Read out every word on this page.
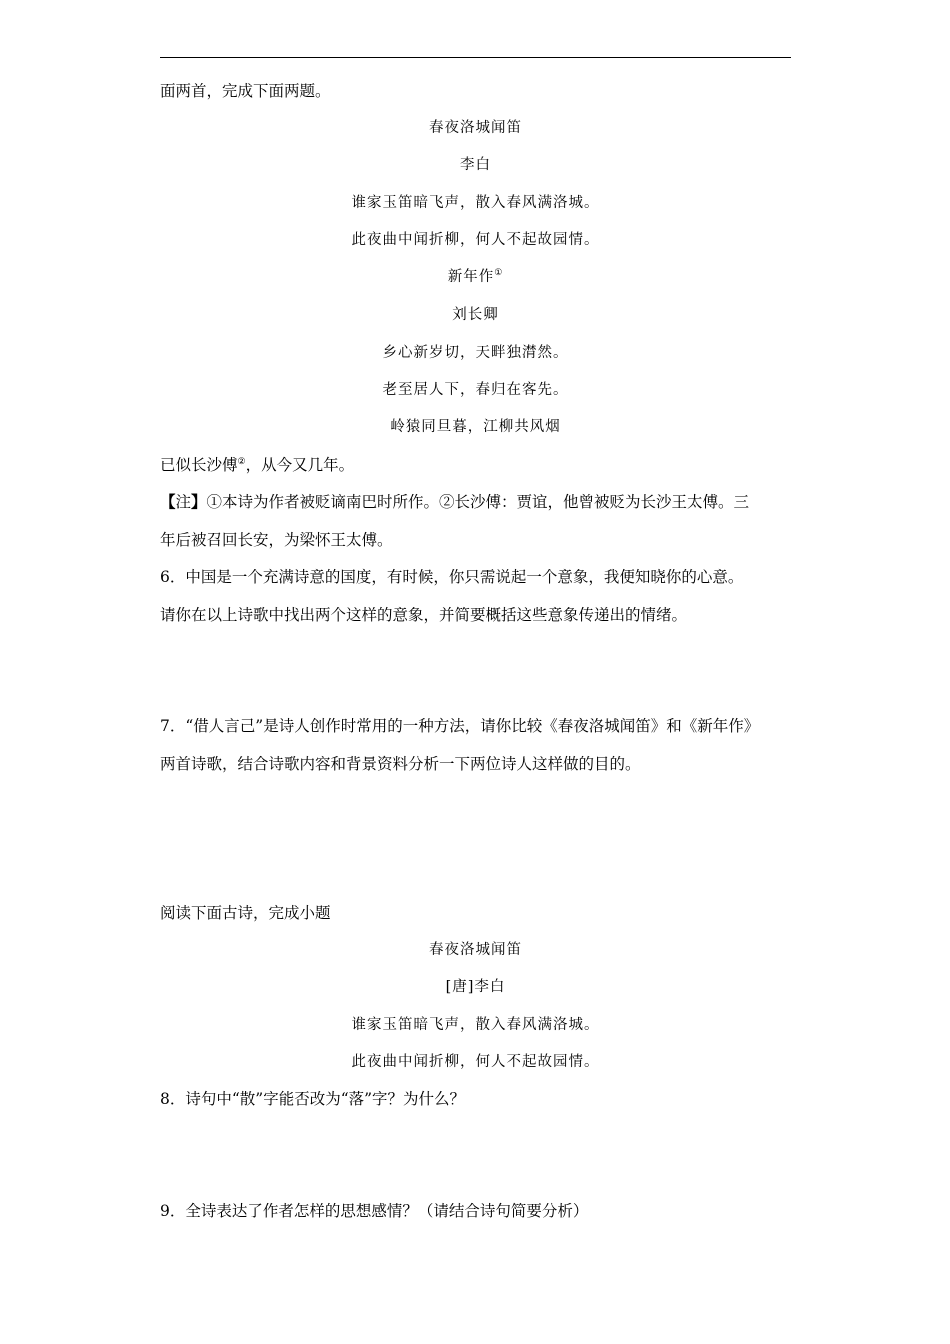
面两首，完成下面两题。
春夜洛城闻笛
李白
谁家玉笛暗飞声，散入春风满洛城。
此夜曲中闻折柳，何人不起故园情。
新年作①
刘长卿
乡心新岁切，天畔独潸然。
老至居人下，春归在客先。
岭猿同旦暮，江柳共风烟
已似长沙傅②，从今又几年。
【注】①本诗为作者被贬谪南巴时所作。②长沙傅：贾谊，他曾被贬为长沙王太傅。三
年后被召回长安，为梁怀王太傅。
6．中国是一个充满诗意的国度，有时候，你只需说起一个意象，我便知晓你的心意。
请你在以上诗歌中找出两个这样的意象，并简要概括这些意象传递出的情绪。
7．“借人言己”是诗人创作时常用的一种方法，请你比较《春夜洛城闻笛》和《新年作》
两首诗歌，结合诗歌内容和背景资料分析一下两位诗人这样做的目的。
阅读下面古诗，完成小题
春夜洛城闻笛
[唐]李白
谁家玉笛暗飞声，散入春风满洛城。
此夜曲中闻折柳，何人不起故园情。
8．诗句中“散”字能否改为“落”字？为什么？
9．全诗表达了作者怎样的思想感情？（请结合诗句简要分析）
